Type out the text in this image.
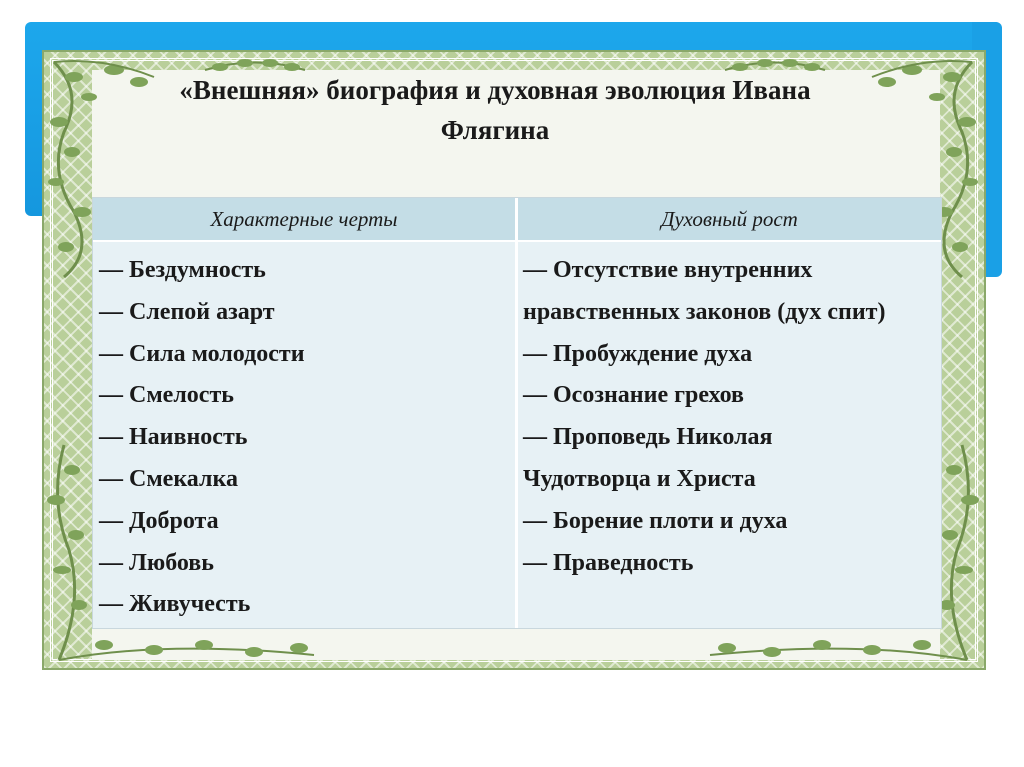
«Внешняя» биография и духовная эволюция Ивана
Флягина
Характерные черты	Духовный рост
— Бездумность
— Слепой азарт
— Сила молодости
— Смелость
— Наивность
— Смекалка
— Доброта
— Любовь
— Живучесть
— Отсутствие внутренних
нравственных законов (дух спит)
— Пробуждение духа
— Осознание грехов
— Проповедь Николая
Чудотворца и Христа
— Борение плоти и духа
— Праведность
